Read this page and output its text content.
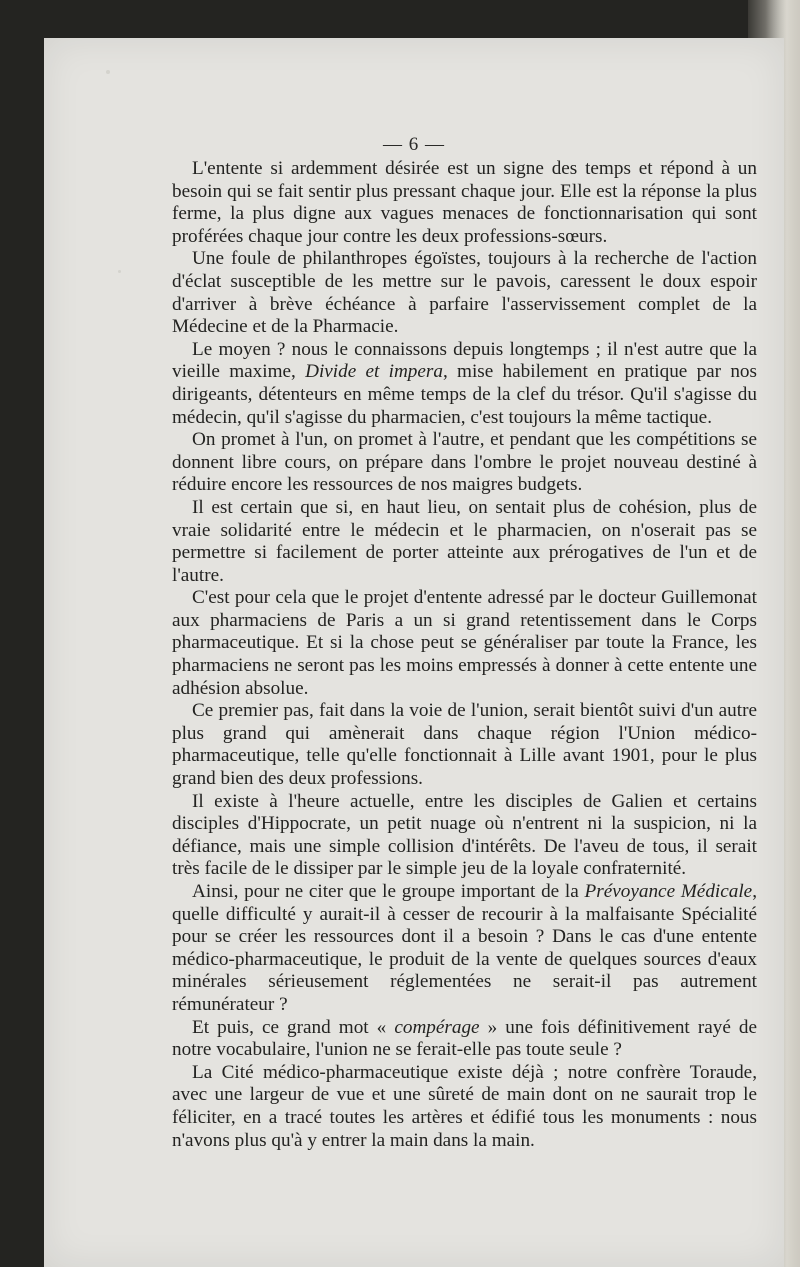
— 6 —

L'entente si ardemment désirée est un signe des temps et répond à un besoin qui se fait sentir plus pressant chaque jour. Elle est la réponse la plus ferme, la plus digne aux vagues menaces de fonctionnarisation qui sont proférées chaque jour contre les deux professions-sœurs.

Une foule de philanthropes égoïstes, toujours à la recherche de l'action d'éclat susceptible de les mettre sur le pavois, caressent le doux espoir d'arriver à brève échéance à parfaire l'asservissement complet de la Médecine et de la Pharmacie.

Le moyen ? nous le connaissons depuis longtemps ; il n'est autre que la vieille maxime, Divide et impera, mise habilement en pratique par nos dirigeants, détenteurs en même temps de la clef du trésor. Qu'il s'agisse du médecin, qu'il s'agisse du pharmacien, c'est toujours la même tactique.

On promet à l'un, on promet à l'autre, et pendant que les compétitions se donnent libre cours, on prépare dans l'ombre le projet nouveau destiné à réduire encore les ressources de nos maigres budgets.

Il est certain que si, en haut lieu, on sentait plus de cohésion, plus de vraie solidarité entre le médecin et le pharmacien, on n'oserait pas se permettre si facilement de porter atteinte aux prérogatives de l'un et de l'autre.

C'est pour cela que le projet d'entente adressé par le docteur Guillemonat aux pharmaciens de Paris a un si grand retentissement dans le Corps pharmaceutique. Et si la chose peut se généraliser par toute la France, les pharmaciens ne seront pas les moins empressés à donner à cette entente une adhésion absolue.

Ce premier pas, fait dans la voie de l'union, serait bientôt suivi d'un autre plus grand qui amènerait dans chaque région l'Union médico-pharmaceutique, telle qu'elle fonctionnait à Lille avant 1901, pour le plus grand bien des deux professions.

Il existe à l'heure actuelle, entre les disciples de Galien et certains disciples d'Hippocrate, un petit nuage où n'entrent ni la suspicion, ni la défiance, mais une simple collision d'intérêts. De l'aveu de tous, il serait très facile de le dissiper par le simple jeu de la loyale confraternité.

Ainsi, pour ne citer que le groupe important de la Prévoyance Médicale, quelle difficulté y aurait-il à cesser de recourir à la malfaisante Spécialité pour se créer les ressources dont il a besoin ? Dans le cas d'une entente médico-pharmaceutique, le produit de la vente de quelques sources d'eaux minérales sérieusement réglementées ne serait-il pas autrement rémunérateur ?

Et puis, ce grand mot « compérage » une fois définitivement rayé de notre vocabulaire, l'union ne se ferait-elle pas toute seule ?

La Cité médico-pharmaceutique existe déjà ; notre confrère Toraude, avec une largeur de vue et une sûreté de main dont on ne saurait trop le féliciter, en a tracé toutes les artères et édifié tous les monuments : nous n'avons plus qu'à y entrer la main dans la main.
